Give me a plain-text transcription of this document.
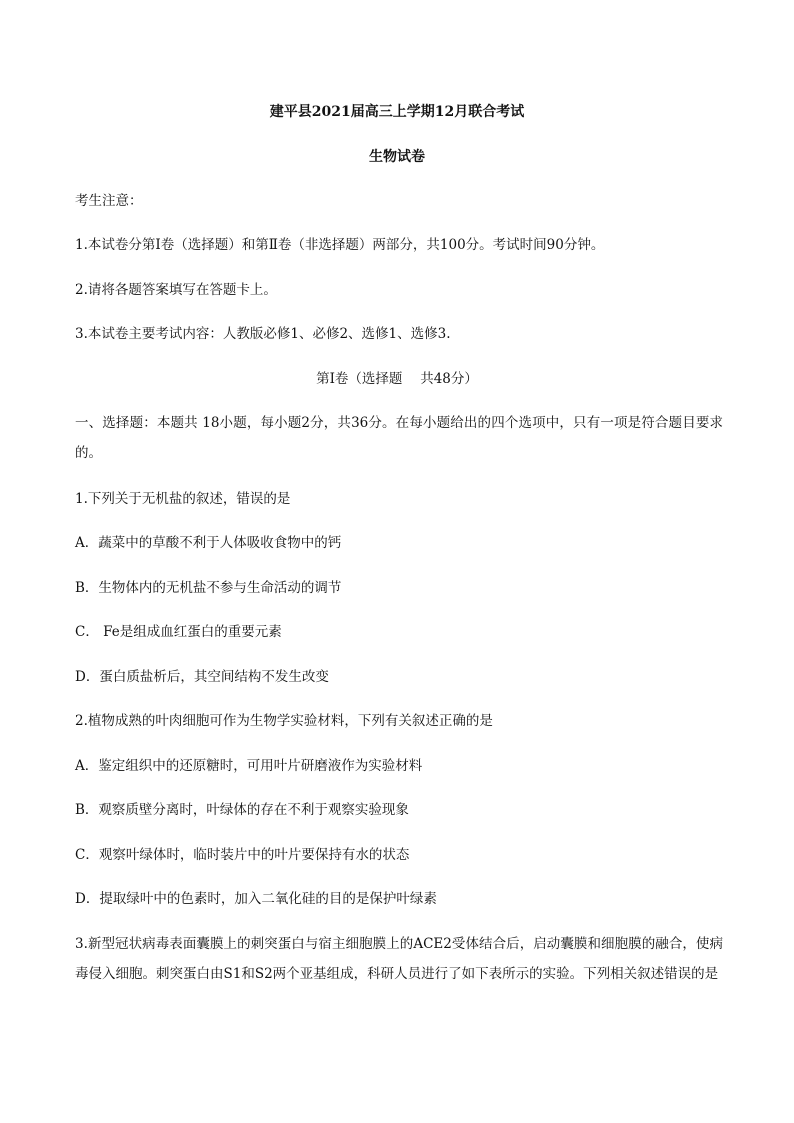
建平县2021届高三上学期12月联合考试
生物试卷
考生注意：
1.本试卷分第Ⅰ卷（选择题）和第Ⅱ卷（非选择题）两部分，共100分。考试时间90分钟。
2.请将各题答案填写在答题卡上。
3.本试卷主要考试内容：人教版必修1、必修2、选修1、选修3.
第Ⅰ卷（选择题　 共48分）
一、选择题：本题共 18小题，每小题2分，共36分。在每小题给出的四个选项中，只有一项是符合题目要求的。
1.下列关于无机盐的叙述，错误的是
A．蔬菜中的草酸不利于人体吸收食物中的钙
B．生物体内的无机盐不参与生命活动的调节
C． Fe是组成血红蛋白的重要元素
D．蛋白质盐析后，其空间结构不发生改变
2.植物成熟的叶肉细胞可作为生物学实验材料，下列有关叙述正确的是
A．鉴定组织中的还原糖时，可用叶片研磨液作为实验材料
B．观察质壁分离时，叶绿体的存在不利于观察实验现象
C．观察叶绿体时，临时装片中的叶片要保持有水的状态
D．提取绿叶中的色素时，加入二氧化硅的目的是保护叶绿素
3.新型冠状病毒表面囊膜上的刺突蛋白与宿主细胞膜上的ACE2受体结合后，启动囊膜和细胞膜的融合，使病毒侵入细胞。刺突蛋白由S1和S2两个亚基组成，科研人员进行了如下表所示的实验。下列相关叙述错误的是
